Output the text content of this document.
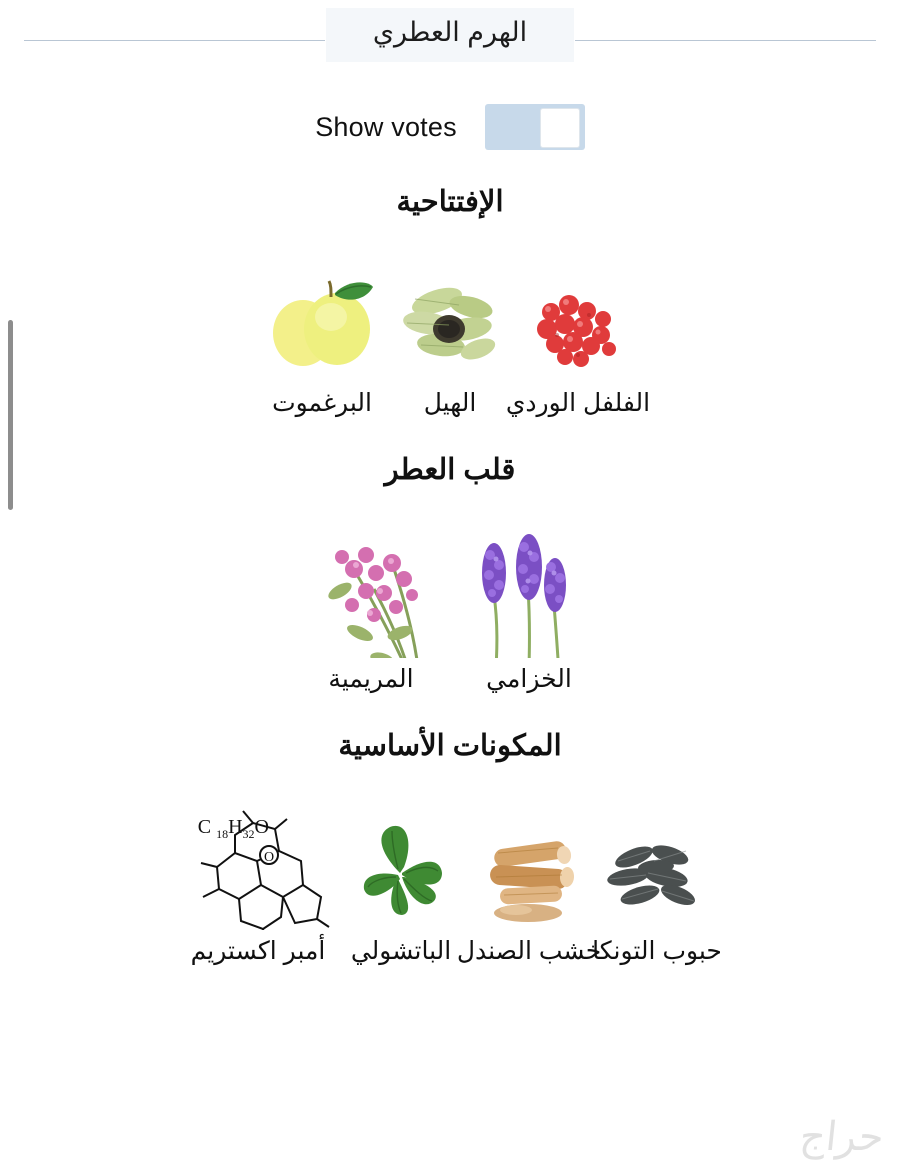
الهرم العطري
Show votes
الإفتتاحية
الفلفل الوردي
الهيل
البرغموت
قلب العطر
الخزامي
المريمية
المكونات الأساسية
حبوب التونكا
خشب الصندل
الباتشولي
C $_{18}H_{32}O$
O
أمبر اكستريم
حراج
